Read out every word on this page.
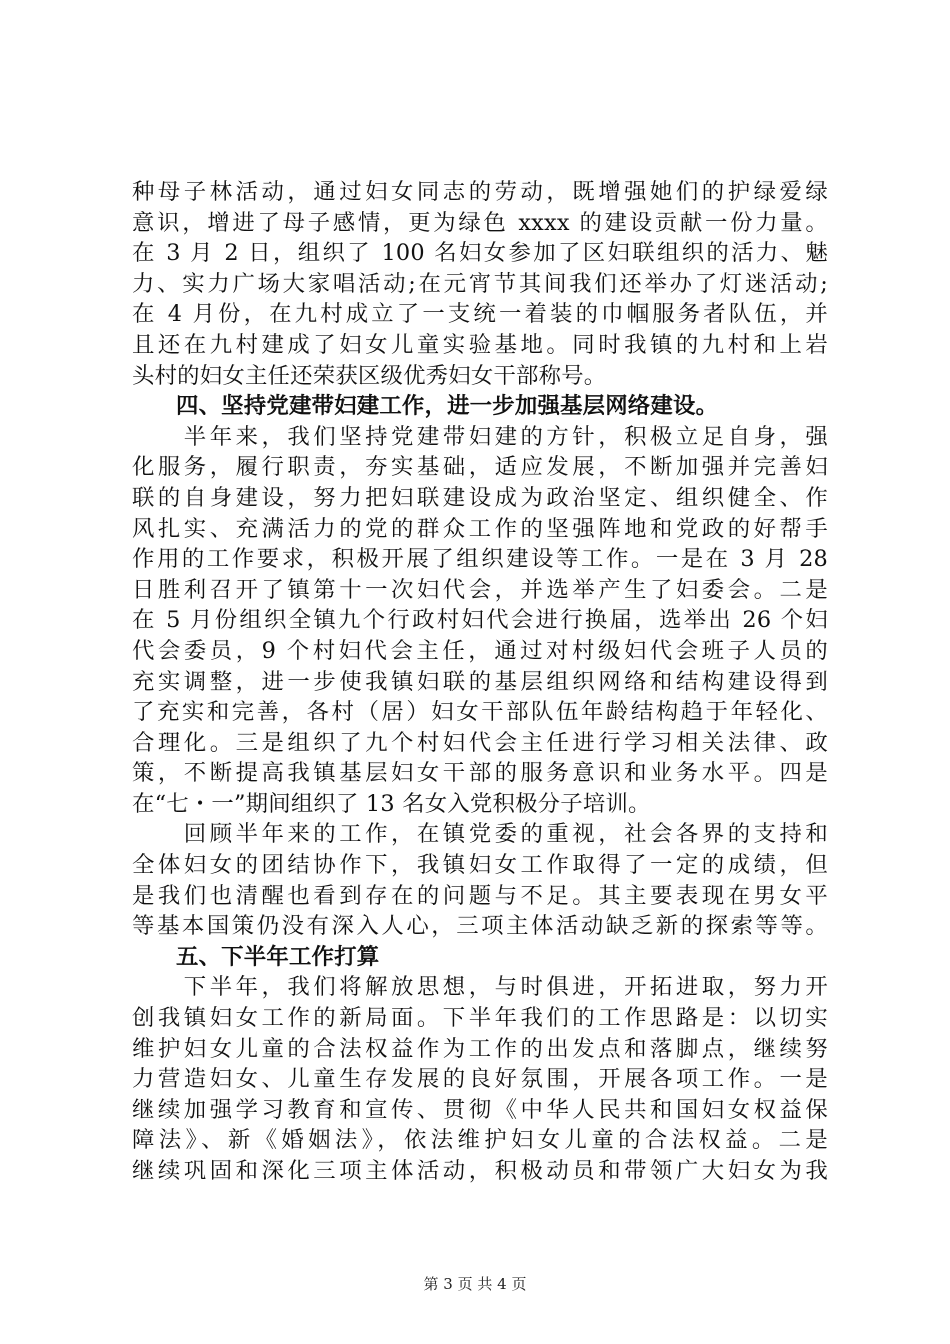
种母子林活动，通过妇女同志的劳动，既增强她们的护绿爱绿
意识，增进了母子感情，更为绿色 xxxx 的建设贡献一份力量。
在 3 月 2 日，组织了 100 名妇女参加了区妇联组织的活力、魅
力、实力广场大家唱活动;在元宵节其间我们还举办了灯迷活动;
在 4 月份，在九村成立了一支统一着装的巾帼服务者队伍，并
且还在九村建成了妇女儿童实验基地。同时我镇的九村和上岩
头村的妇女主任还荣获区级优秀妇女干部称号。
四、坚持党建带妇建工作，进一步加强基层网络建设。
　　半年来，我们坚持党建带妇建的方针，积极立足自身，强
化服务，履行职责，夯实基础，适应发展，不断加强并完善妇
联的自身建设，努力把妇联建设成为政治坚定、组织健全、作
风扎实、充满活力的党的群众工作的坚强阵地和党政的好帮手
作用的工作要求，积极开展了组织建设等工作。一是在 3 月 28
日胜利召开了镇第十一次妇代会，并选举产生了妇委会。二是
在 5 月份组织全镇九个行政村妇代会进行换届，选举出 26 个妇
代会委员，9 个村妇代会主任，通过对村级妇代会班子人员的
充实调整，进一步使我镇妇联的基层组织网络和结构建设得到
了充实和完善，各村（居）妇女干部队伍年龄结构趋于年轻化、
合理化。三是组织了九个村妇代会主任进行学习相关法律、政
策，不断提高我镇基层妇女干部的服务意识和业务水平。四是
在“七・一”期间组织了 13 名女入党积极分子培训。
　　回顾半年来的工作，在镇党委的重视，社会各界的支持和
全体妇女的团结协作下，我镇妇女工作取得了一定的成绩，但
是我们也清醒也看到存在的问题与不足。其主要表现在男女平
等基本国策仍没有深入人心，三项主体活动缺乏新的探索等等。
五、下半年工作打算
　　下半年，我们将解放思想，与时俱进，开拓进取，努力开
创我镇妇女工作的新局面。下半年我们的工作思路是：以切实
维护妇女儿童的合法权益作为工作的出发点和落脚点，继续努
力营造妇女、儿童生存发展的良好氛围，开展各项工作。一是
继续加强学习教育和宣传、贯彻《中华人民共和国妇女权益保
障法》、新《婚姻法》，依法维护妇女儿童的合法权益。二是
继续巩固和深化三项主体活动，积极动员和带领广大妇女为我
第 3 页 共 4 页
